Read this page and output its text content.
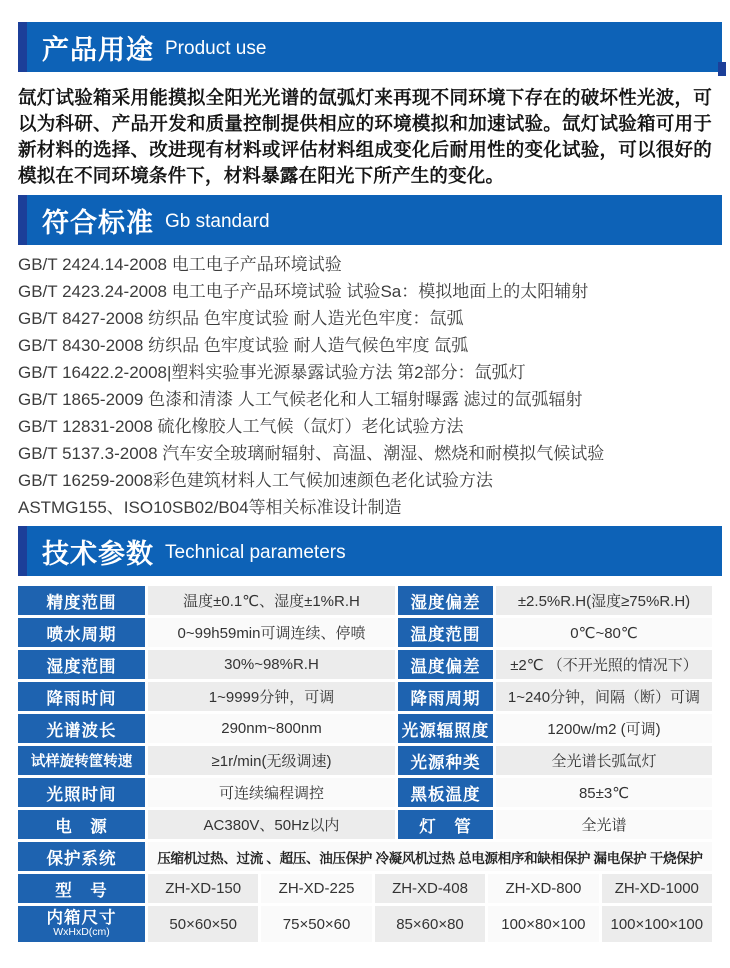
产品用途 Product use

氙灯试验箱采用能摸拟全阳光光谱的氙弧灯来再现不同环境下存在的破坏性光波，可以为科研、产品开发和质量控制提供相应的环境模拟和加速试验。氙灯试验箱可用于新材料的选择、改进现有材料或评估材料组成变化后耐用性的变化试验，可以很好的模拟在不同环境条件下，材料暴露在阳光下所产生的变化。

符合标准 Gb standard
GB/T 2424.14-2008 电工电子产品环境试验
GB/T 2423.24-2008 电工电子产品环境试验 试验Sa：模拟地面上的太阳辅射
GB/T 8427-2008 纺织品 色牢度试验 耐人造光色牢度：氙弧
GB/T 8430-2008 纺织品 色牢度试验 耐人造气候色牢度 氙弧
GB/T 16422.2-2008|塑料实验事光源暴露试验方法 第2部分：氙弧灯
GB/T 1865-2009 色漆和清漆 人工气候老化和人工辐射曝露 滤过的氙弧辐射
GB/T 12831-2008 硫化橡胶人工气候（氙灯）老化试验方法
GB/T 5137.3-2008 汽车安全玻璃耐辐射、高温、潮湿、燃烧和耐模拟气候试验
GB/T 16259-2008彩色建筑材料人工气候加速颜色老化试验方法
ASTMG155、ISO10SB02/B04等相关标准设计制造
技术参数 Technical parameters
精度范围	温度±0.1℃、湿度±1%R.H	湿度偏差	±2.5%R.H(湿度≥75%R.H)
喷水周期	0~99h59min可调连续、停喷	温度范围	0℃~80℃
湿度范围	30%~98%R.H	温度偏差	±2℃ （不开光照的情况下）
降雨时间	1~9999分钟，可调	降雨周期	1~240分钟，间隔（断）可调
光谱波长	290nm~800nm	光源辐照度	1200w/m2 (可调)
试样旋转筐转速	≥1r/min(无级调速)	光源种类	全光谱长弧氙灯
光照时间	可连续编程调控	黑板温度	85±3℃
电　源	AC380V、50Hz以内	灯　管	全光谱
保护系统	压缩机过热、过流 、超压、油压保护 冷凝风机过热 总电源相序和缺相保护 漏电保护 干烧保护
型　号	ZH-XD-150	ZH-XD-225	ZH-XD-408	ZH-XD-800	ZH-XD-1000
内箱尺寸
WxHxD(cm)	50×60×50	75×50×60	85×60×80	100×80×100	100×100×100
